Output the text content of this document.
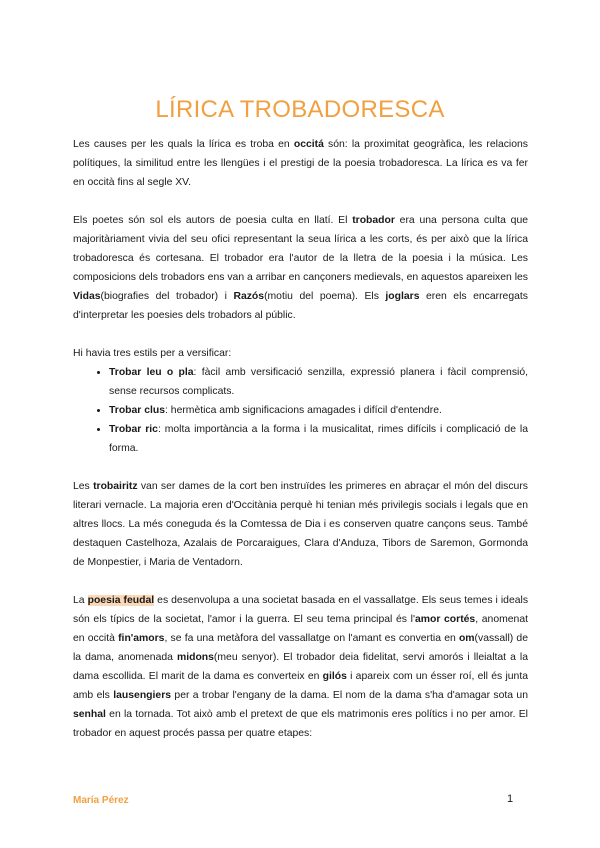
LÍRICA TROBADORESCA

Les causes per les quals la lírica es troba en occitá són: la proximitat geogràfica, les relacions polítiques, la similitud entre les llengües i el prestigi de la poesia trobadoresca. La lírica es va fer en occità fins al segle XV.

Els poetes són sol els autors de poesia culta en llatí. El trobador era una persona culta que majoritàriament vivia del seu ofici representant la seua lírica a les corts, és per això que la lírica trobadoresca és cortesana. El trobador era l'autor de la lletra de la poesia i la música. Les composicions dels trobadors ens van a arribar en cançoners medievals, en aquestos apareixen les Vidas(biografies del trobador) i Razós(motiu del poema). Els joglars eren els encarregats d'interpretar les poesies dels trobadors al públic.

Hi havia tres estils per a versificar:

• Trobar leu o pla: fàcil amb versificació senzilla, expressió planera i fàcil comprensió, sense recursos complicats.
• Trobar clus: hermètica amb significacions amagades i difícil d'entendre.
• Trobar ric: molta importància a la forma i la musicalitat, rimes difícils i complicació de la forma.

Les trobairitz van ser dames de la cort ben instruïdes les primeres en abraçar el món del discurs literari vernacle. La majoria eren d'Occitània perquè hi tenian més privilegis socials i legals que en altres llocs. La més coneguda és la Comtessa de Dia i es conserven quatre cançons seus. També destaquen Castelhoza, Azalais de Porcaraigues, Clara d'Anduza, Tibors de Saremon, Gormonda de Monpestier, i Maria de Ventadorn.

La poesia feudal es desenvolupa a una societat basada en el vassallatge. Els seus temes i ideals són els típics de la societat, l'amor i la guerra. El seu tema principal és l'amor cortés, anomenat en occità fin'amors, se fa una metàfora del vassallatge on l'amant es convertia en om(vassall) de la dama, anomenada midons(meu senyor). El trobador deia fidelitat, servi amorós i lleialtat a la dama escollida. El marit de la dama es converteix en gilós i apareix com un ésser roí, ell és junta amb els lausengiers per a trobar l'engany de la dama. El nom de la dama s'ha d'amagar sota un senhal en la tornada. Tot això amb el pretext de que els matrimonis eres polítics i no per amor. El trobador en aquest procés passa per quatre etapes:

María Pérez	1
